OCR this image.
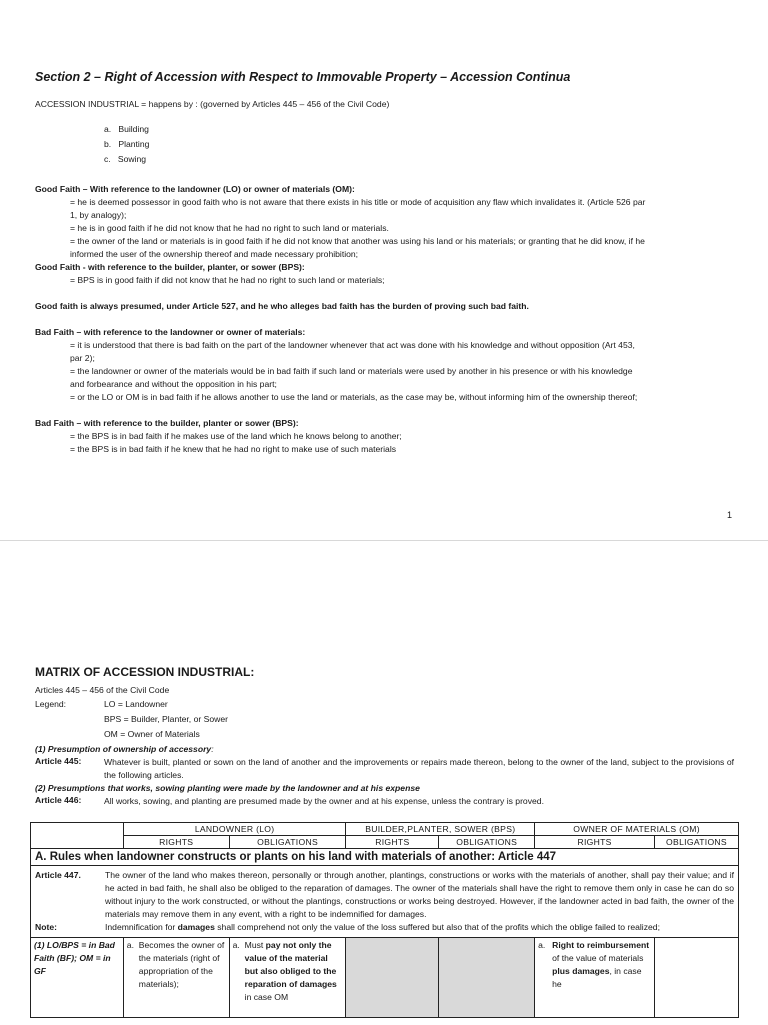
Section 2 – Right of Accession with Respect to Immovable Property – Accession Continua
ACCESSION INDUSTRIAL = happens by : (governed by Articles 445 – 456 of the Civil Code)
a. Building
b. Planting
c. Sowing
Good Faith – With reference to the landowner (LO) or owner of materials (OM):
= he is deemed possessor in good faith who is not aware that there exists in his title or mode of acquisition any flaw which invalidates it. (Article 526 par
1, by analogy);
= he is in good faith if he did not know that he had no right to such land or materials.
= the owner of the land or materials is in good faith if he did not know that another was using his land or his materials; or granting that he did know, if he
informed the user of the ownership thereof and made necessary prohibition;
Good Faith - with reference to the builder, planter, or sower (BPS):
= BPS is in good faith if did not know that he had no right to such land or materials;
Good faith is always presumed, under Article 527, and he who alleges bad faith has the burden of proving such bad faith.
Bad Faith – with reference to the landowner or owner of materials:
= it is understood that there is bad faith on the part of the landowner whenever that act was done with his knowledge and without opposition (Art 453,
par 2);
= the landowner or owner of the materials would be in bad faith if such land or materials were used by another in his presence or with his knowledge
and forbearance and without the opposition in his part;
= or the LO or OM is in bad faith if he allows another to use the land or materials, as the case may be, without informing him of the ownership thereof;
Bad Faith – with reference to the builder, planter or sower (BPS):
= the BPS is in bad faith if he makes use of the land which he knows belong to another;
= the BPS is in bad faith if he knew that he had no right to make use of such materials
1
MATRIX OF ACCESSION INDUSTRIAL:
Articles 445 – 456 of the Civil Code
Legend:	LO = Landowner
BPS = Builder, Planter, or Sower
OM = Owner of Materials
(1) Presumption of ownership of accessory:
Article 445:	Whatever is built, planted or sown on the land of another and the improvements or repairs made thereon, belong to the owner of the land, subject to the provisions of the following articles.
(2) Presumptions that works, sowing planting were made by the landowner and at his expense
Article 446:	All works, sowing, and planting are presumed made by the owner and at his expense, unless the contrary is proved.
	LANDOWNER (LO)		BUILDER,PLANTER, SOWER (BPS)		OWNER OF MATERIALS (OM)	
	RIGHTS	OBLIGATIONS	RIGHTS	OBLIGATIONS	RIGHTS	OBLIGATIONS
A. Rules when landowner constructs or plants on his land with materials of another: Article 447						

Article 447. The owner of the land who makes thereon, personally or through another, plantings, constructions or works with the materials of another, shall pay their value; and if he acted in bad faith, he shall also be obliged to the reparation of damages. The owner of the materials shall have the right to remove them only in case he can do so without injury to the work constructed, or without the plantings, constructions or works being destroyed. However, if the landowner acted in bad faith, the owner of the materials may remove them in any event, with a right to be indemnified for damages.
Note: Indemnification for damages shall comprehend not only the value of the loss suffered but also that of the profits which the oblige failed to realized;						

(1) LO/BPS = in Bad Faith (BF); OM = in GF	a. Becomes the owner of the materials (right of appropriation of the materials);	a. Must pay not only the value of the material but also obliged to the reparation of damages in case OM			a. Right to reimbursement of the value of materials plus damages, in case he	
